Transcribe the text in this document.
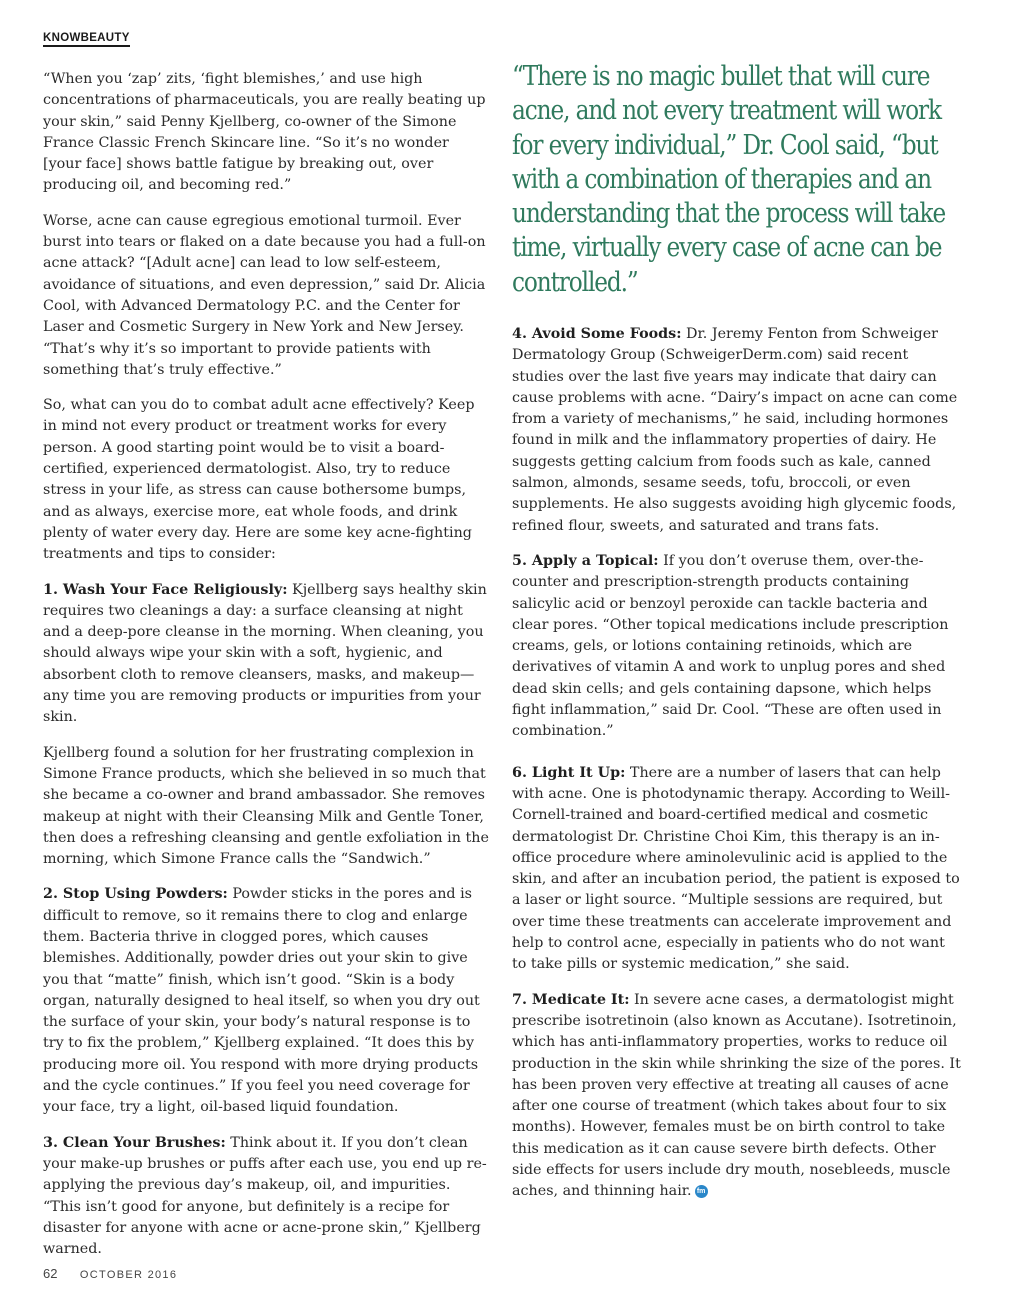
KNOWBEAUTY

“When you ‘zap’ zits, ‘fight blemishes,’ and use high concentrations of pharmaceuticals, you are really beating up your skin,” said Penny Kjellberg, co-owner of the Simone France Classic French Skincare line. “So it’s no wonder [your face] shows battle fatigue by breaking out, over producing oil, and becoming red.”

Worse, acne can cause egregious emotional turmoil. Ever burst into tears or flaked on a date because you had a full-on acne attack? “[Adult acne] can lead to low self-esteem, avoidance of situations, and even depression,” said Dr. Alicia Cool, with Advanced Dermatology P.C. and the Center for Laser and Cosmetic Surgery in New York and New Jersey. “That’s why it’s so important to provide patients with something that’s truly effective.”

So, what can you do to combat adult acne effectively? Keep in mind not every product or treatment works for every person. A good starting point would be to visit a board-certified, experienced dermatologist. Also, try to reduce stress in your life, as stress can cause bothersome bumps, and as always, exercise more, eat whole foods, and drink plenty of water every day. Here are some key acne-fighting treatments and tips to consider:

1. Wash Your Face Religiously: Kjellberg says healthy skin requires two cleanings a day: a surface cleansing at night and a deep-pore cleanse in the morning. When cleaning, you should always wipe your skin with a soft, hygienic, and absorbent cloth to remove cleansers, masks, and makeup—any time you are removing products or impurities from your skin.

Kjellberg found a solution for her frustrating complexion in Simone France products, which she believed in so much that she became a co-owner and brand ambassador. She removes makeup at night with their Cleansing Milk and Gentle Toner, then does a refreshing cleansing and gentle exfoliation in the morning, which Simone France calls the “Sandwich.”

2. Stop Using Powders: Powder sticks in the pores and is difficult to remove, so it remains there to clog and enlarge them. Bacteria thrive in clogged pores, which causes blemishes. Additionally, powder dries out your skin to give you that “matte” finish, which isn’t good. “Skin is a body organ, naturally designed to heal itself, so when you dry out the surface of your skin, your body’s natural response is to try to fix the problem,” Kjellberg explained. “It does this by producing more oil. You respond with more drying products and the cycle continues.” If you feel you need coverage for your face, try a light, oil-based liquid foundation.

3. Clean Your Brushes: Think about it. If you don’t clean your make-up brushes or puffs after each use, you end up re-applying the previous day’s makeup, oil, and impurities. “This isn’t good for anyone, but definitely is a recipe for disaster for anyone with acne or acne-prone skin,” Kjellberg warned.

“There is no magic bullet that will cure acne, and not every treatment will work for every individual,” Dr. Cool said, “but with a combination of therapies and an understanding that the process will take time, virtually every case of acne can be controlled.”

4. Avoid Some Foods: Dr. Jeremy Fenton from Schweiger Dermatology Group (SchweigerDerm.com) said recent studies over the last five years may indicate that dairy can cause problems with acne. “Dairy’s impact on acne can come from a variety of mechanisms,” he said, including hormones found in milk and the inflammatory properties of dairy. He suggests getting calcium from foods such as kale, canned salmon, almonds, sesame seeds, tofu, broccoli, or even supplements. He also suggests avoiding high glycemic foods, refined flour, sweets, and saturated and trans fats.

5. Apply a Topical: If you don’t overuse them, over-the-counter and prescription-strength products containing salicylic acid or benzoyl peroxide can tackle bacteria and clear pores. “Other topical medications include prescription creams, gels, or lotions containing retinoids, which are derivatives of vitamin A and work to unplug pores and shed dead skin cells; and gels containing dapsone, which helps fight inflammation,” said Dr. Cool. “These are often used in combination.”

6. Light It Up: There are a number of lasers that can help with acne. One is photodynamic therapy. According to Weill-Cornell-trained and board-certified medical and cosmetic dermatologist Dr. Christine Choi Kim, this therapy is an in-office procedure where aminolevulinic acid is applied to the skin, and after an incubation period, the patient is exposed to a laser or light source. “Multiple sessions are required, but over time these treatments can accelerate improvement and help to control acne, especially in patients who do not want to take pills or systemic medication,” she said.

7. Medicate It: In severe acne cases, a dermatologist might prescribe isotretinoin (also known as Accutane). Isotretinoin, which has anti-inflammatory properties, works to reduce oil production in the skin while shrinking the size of the pores. It has been proven very effective at treating all causes of acne after one course of treatment (which takes about four to six months). However, females must be on birth control to take this medication as it can cause severe birth defects. Other side effects for users include dry mouth, nosebleeds, muscle aches, and thinning hair. fm

62 OCTOBER 2016
